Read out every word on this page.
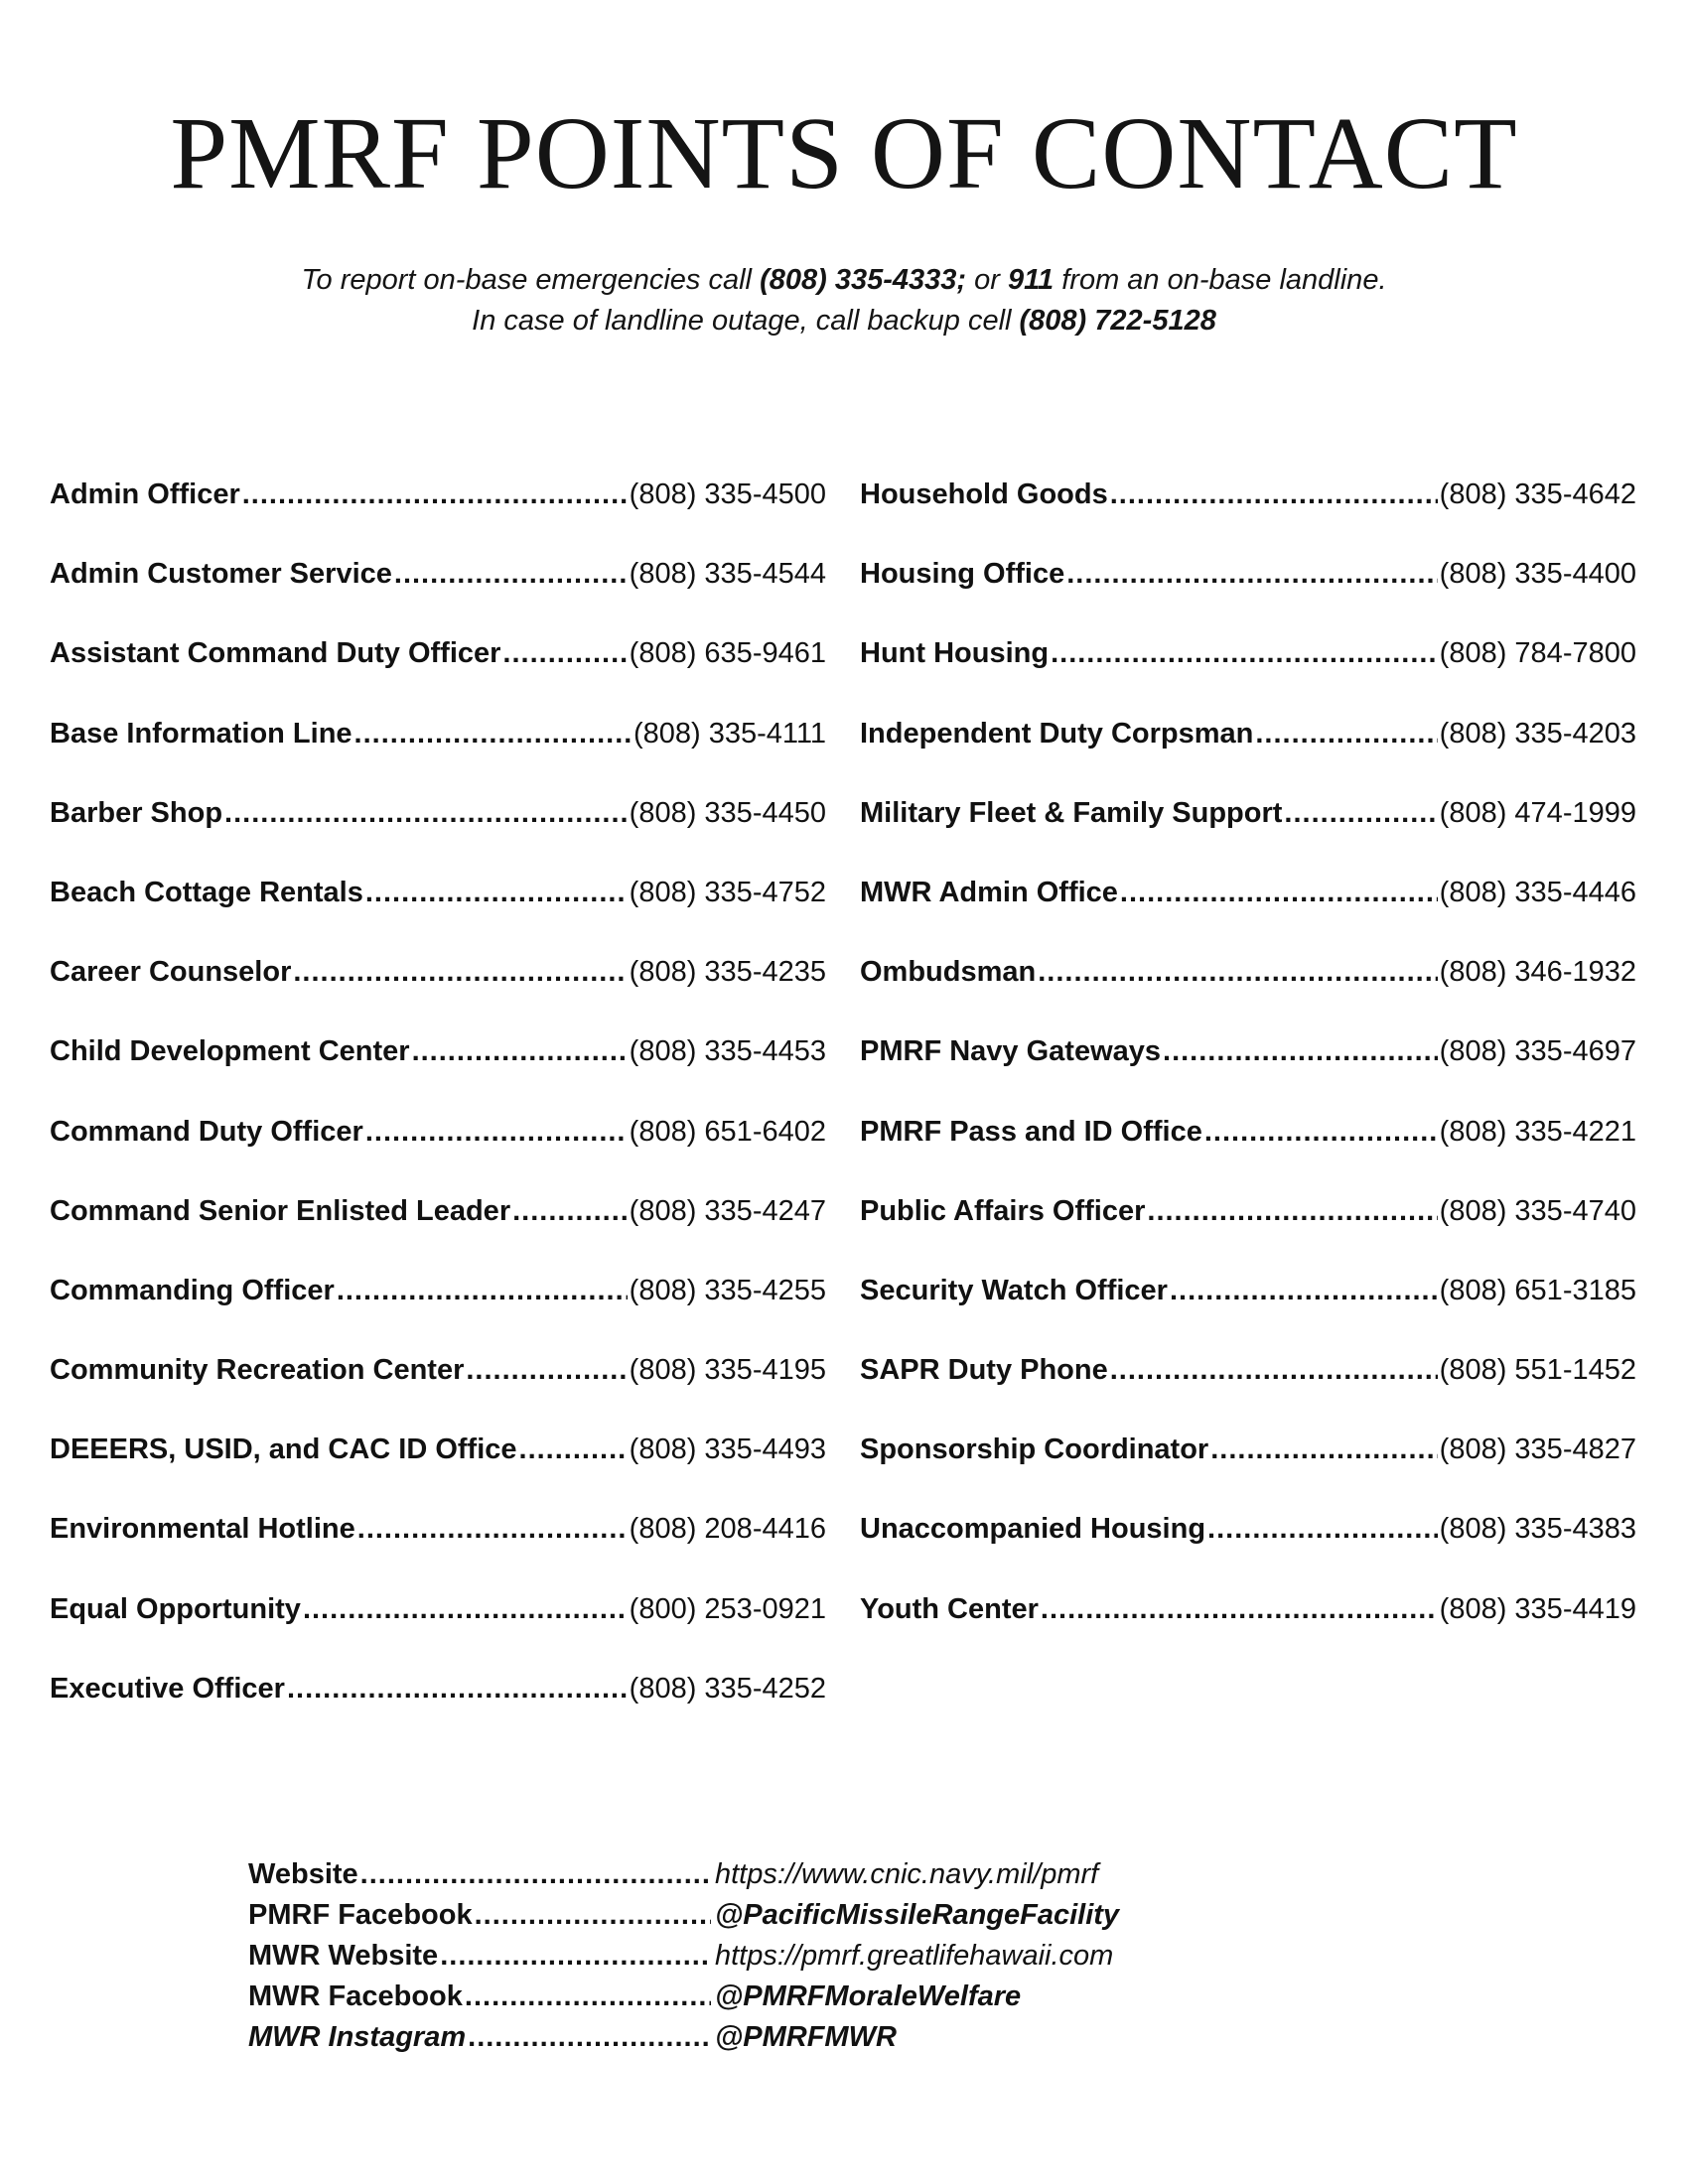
PMRF POINTS OF CONTACT
To report on-base emergencies call (808) 335-4333; or 911 from an on-base landline.
In case of landline outage, call backup cell (808) 722-5128
Admin Officer .....	(808) 335-4500
Admin Customer Service .....	(808) 335-4544
Assistant Command Duty Officer .....	(808) 635-9461
Base Information Line .....	(808) 335-4111
Barber Shop .....	(808) 335-4450
Beach Cottage Rentals .....	(808) 335-4752
Career Counselor .....	(808) 335-4235
Child Development Center .....	(808) 335-4453
Command Duty Officer .....	(808) 651-6402
Command Senior Enlisted Leader .....	(808) 335-4247
Commanding Officer .....	(808) 335-4255
Community Recreation Center .....	(808) 335-4195
DEEERS, USID, and CAC ID Office .....	(808) 335-4493
Environmental Hotline .....	(808) 208-4416
Equal Opportunity .....	(800) 253-0921
Executive Officer .....	(808) 335-4252
Household Goods .....	(808) 335-4642
Housing Office .....	(808) 335-4400
Hunt Housing .....	(808) 784-7800
Independent Duty Corpsman .....	(808) 335-4203
Military Fleet & Family Support .....	(808) 474-1999
MWR Admin Office .....	(808) 335-4446
Ombudsman .....	(808) 346-1932
PMRF Navy Gateways .....	(808) 335-4697
PMRF Pass and ID Office .....	(808) 335-4221
Public Affairs Officer .....	(808) 335-4740
Security Watch Officer .....	(808) 651-3185
SAPR Duty Phone .....	(808) 551-1452
Sponsorship Coordinator .....	(808) 335-4827
Unaccompanied Housing .....	(808) 335-4383
Youth Center .....	(808) 335-4419
Website .....	https://www.cnic.navy.mil/pmrf
PMRF Facebook .....	@PacificMissileRangeFacility
MWR Website .....	https://pmrf.greatlifehawaii.com
MWR Facebook .....	@PMRFMoraleWelfare
MWR Instagram .....	@PMRFMWR
